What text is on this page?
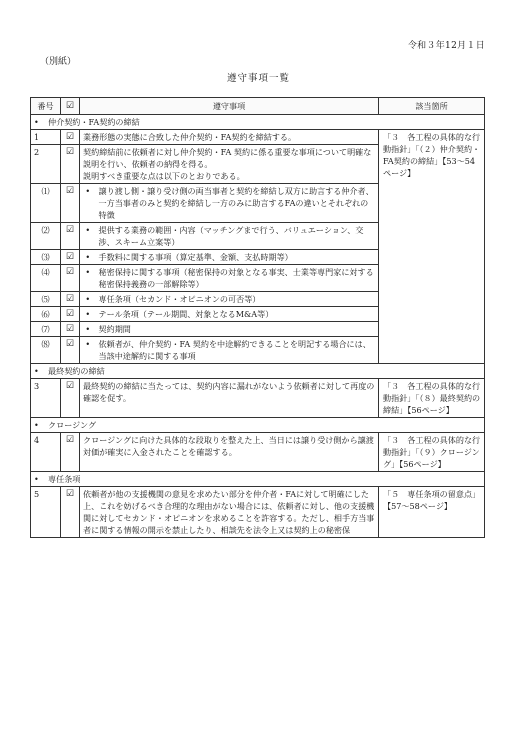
令和３年12月１日
（別紙）
遵守事項一覧
番号	☑	遵守事項		該当箇所
• 仲介契約・FA契約の締結				
1	☑	業務形態の実態に合致した仲介契約・FA契約を締結する。		「３　各工程の具体的な行動指針」「（２）仲介契約・FA契約の締結」【53〜54ページ】
2	☑	契約締結前に依頼者に対し仲介契約・FA 契約に係る重要な事項について明確な説明を行い、依頼者の納得を得る。
説明すべき重要な点は以下のとおりである。		
⑴	☑	•	譲り渡し側・譲り受け側の両当事者と契約を締結し双方に助言する仲介者、一方当事者のみと契約を締結し一方のみに助言するFAの違いとそれぞれの特徴	
⑵	☑	•	提供する業務の範囲・内容（マッチングまで行う、バリュエーション、交渉、スキーム立案等）	
⑶	☑	•	手数料に関する事項（算定基準、金額、支払時期等）	
⑷	☑	•	秘密保持に関する事項（秘密保持の対象となる事実、士業等専門家に対する秘密保持義務の一部解除等）	
⑸	☑	•	専任条項（セカンド・オピニオンの可否等）	
⑹	☑	•	テール条項（テール期間、対象となるM&A等）	
⑺	☑	•	契約期間	
⑻	☑	•	依頼者が、仲介契約・FA 契約を中途解約できることを明記する場合には、当該中途解約に関する事項	
• 最終契約の締結				
3	☑	最終契約の締結に当たっては、契約内容に漏れがないよう依頼者に対して再度の確認を促す。		「３　各工程の具体的な行動指針」「（８）最終契約の締結」【56ページ】
• クロージング				
4	☑	クロージングに向けた具体的な段取りを整えた上、当日には譲り受け側から譲渡対価が確実に入金されたことを確認する。		「３　各工程の具体的な行動指針」「（９）クロージング」【56ページ】
• 専任条項				
5	☑	依頼者が他の支援機関の意見を求めたい部分を仲介者・FAに対して明確にした上、これを妨げるべき合理的な理由がない場合には、依頼者に対し、他の支援機関に対してセカンド・オピニオンを求めることを許容する。ただし、相手方当事者に関する情報の開示を禁止したり、相談先を法令上又は契約上の秘密保		「５　専任条項の留意点」【57〜58ページ】
